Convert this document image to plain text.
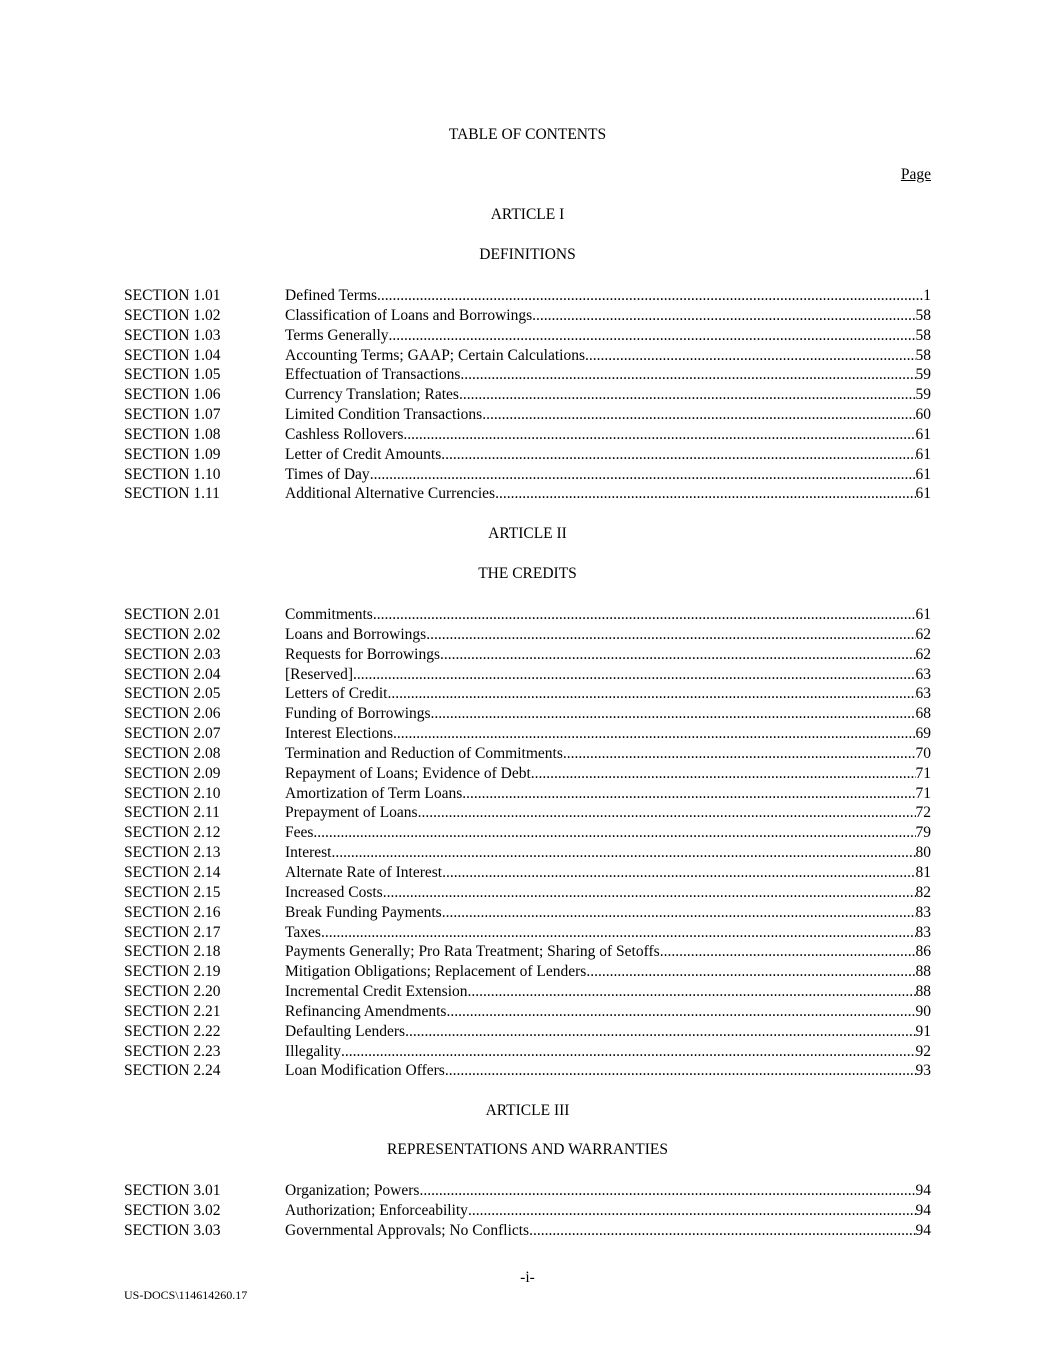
TABLE OF CONTENTS
Page
ARTICLE I
DEFINITIONS
SECTION 1.01	Defined Terms .....	1
SECTION 1.02	Classification of Loans and Borrowings .....	58
SECTION 1.03	Terms Generally .....	58
SECTION 1.04	Accounting Terms; GAAP; Certain Calculations .....	58
SECTION 1.05	Effectuation of Transactions .....	59
SECTION 1.06	Currency Translation; Rates .....	59
SECTION 1.07	Limited Condition Transactions. .....	60
SECTION 1.08	Cashless Rollovers .....	61
SECTION 1.09	Letter of Credit Amounts .....	61
SECTION 1.10	Times of Day .....	61
SECTION 1.11	Additional Alternative Currencies .....	61
ARTICLE II
THE CREDITS
SECTION 2.01	Commitments .....	61
SECTION 2.02	Loans and Borrowings .....	62
SECTION 2.03	Requests for Borrowings .....	62
SECTION 2.04	[Reserved] .....	63
SECTION 2.05	Letters of Credit .....	63
SECTION 2.06	Funding of Borrowings .....	68
SECTION 2.07	Interest Elections .....	69
SECTION 2.08	Termination and Reduction of Commitments .....	70
SECTION 2.09	Repayment of Loans; Evidence of Debt .....	71
SECTION 2.10	Amortization of Term Loans .....	71
SECTION 2.11	Prepayment of Loans .....	72
SECTION 2.12	Fees .....	79
SECTION 2.13	Interest .....	80
SECTION 2.14	Alternate Rate of Interest .....	81
SECTION 2.15	Increased Costs .....	82
SECTION 2.16	Break Funding Payments .....	83
SECTION 2.17	Taxes .....	83
SECTION 2.18	Payments Generally; Pro Rata Treatment; Sharing of Setoffs .....	86
SECTION 2.19	Mitigation Obligations; Replacement of Lenders .....	88
SECTION 2.20	Incremental Credit Extension .....	88
SECTION 2.21	Refinancing Amendments .....	90
SECTION 2.22	Defaulting Lenders .....	91
SECTION 2.23	Illegality .....	92
SECTION 2.24	Loan Modification Offers .....	93
ARTICLE III
REPRESENTATIONS AND WARRANTIES
SECTION 3.01	Organization; Powers .....	94
SECTION 3.02	Authorization; Enforceability .....	94
SECTION 3.03	Governmental Approvals; No Conflicts .....	94
-i-
US-DOCS\114614260.17
